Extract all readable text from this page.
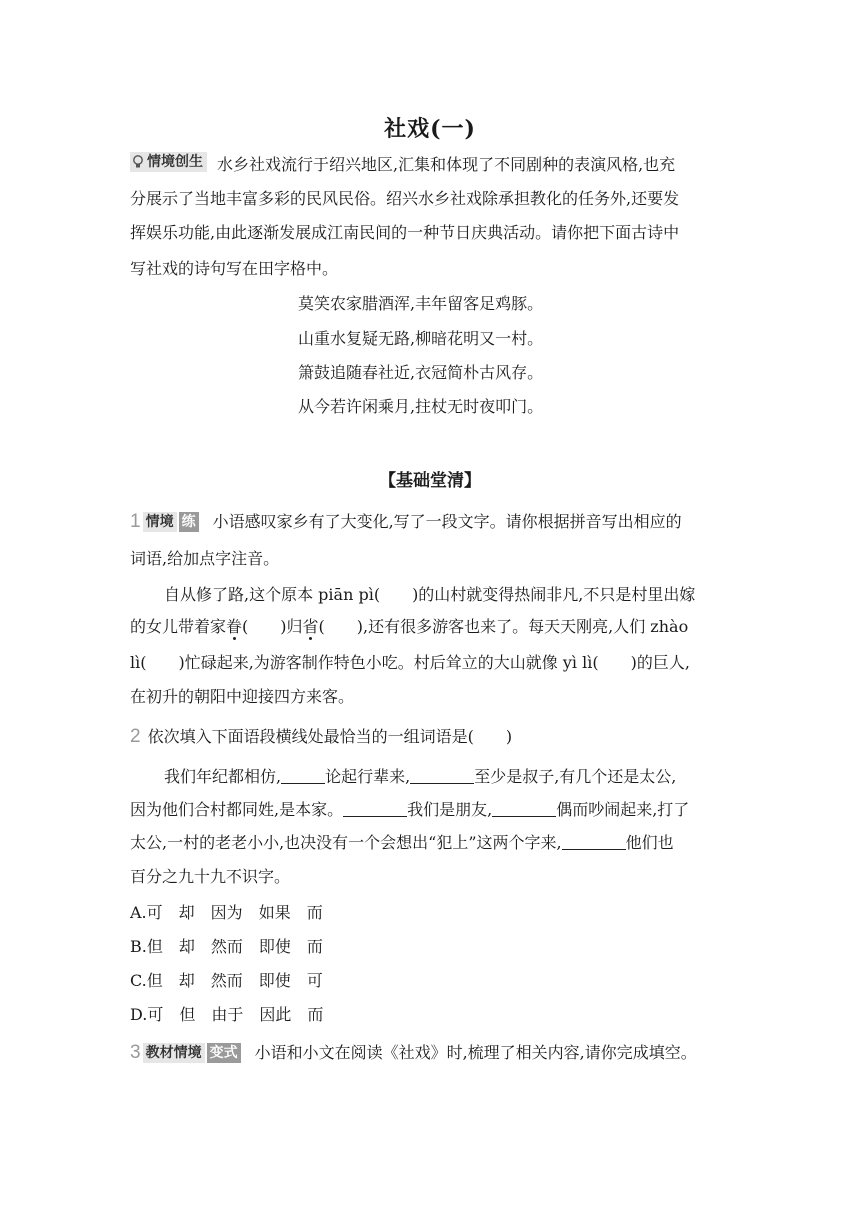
社戏(一)
情境创生 水乡社戏流行于绍兴地区,汇集和体现了不同剧种的表演风格,也充
分展示了当地丰富多彩的民风民俗。绍兴水乡社戏除承担教化的任务外,还要发
挥娱乐功能,由此逐渐发展成江南民间的一种节日庆典活动。请你把下面古诗中
写社戏的诗句写在田字格中。
莫笑农家腊酒浑,丰年留客足鸡豚。
山重水复疑无路,柳暗花明又一村。
箫鼓追随春社近,衣冠简朴古风存。
从今若许闲乘月,拄杖无时夜叩门。
【基础堂清】
1 情境 练 小语感叹家乡有了大变化,写了一段文字。请你根据拼音写出相应的
词语,给加点字注音。
自从修了路,这个原本 piān pì(　　)的山村就变得热闹非凡,不只是村里出嫁
的女儿带着家眷(　　)归省(　　),还有很多游客也来了。每天天刚亮,人们 zhào
lì(　　)忙碌起来,为游客制作特色小吃。村后耸立的大山就像 yì lì(　　)的巨人,
在初升的朝阳中迎接四方来客。
2 依次填入下面语段横线处最恰当的一组词语是(　　)
我们年纪都相仿,	论起行辈来,	至少是叔子,有几个还是太公,
因为他们合村都同姓,是本家。	我们是朋友,	偶而吵闹起来,打了
太公,一村的老老小小,也决没有一个会想出“犯上”这两个字来,	他们也
百分之九十九不识字。
A.可 却 因为 如果 而
B.但 却 然而 即使 而
C.但 却 然而 即使 可
D.可 但 由于 因此 而
3 教材情境 变式 小语和小文在阅读《社戏》时,梳理了相关内容,请你完成填空。
